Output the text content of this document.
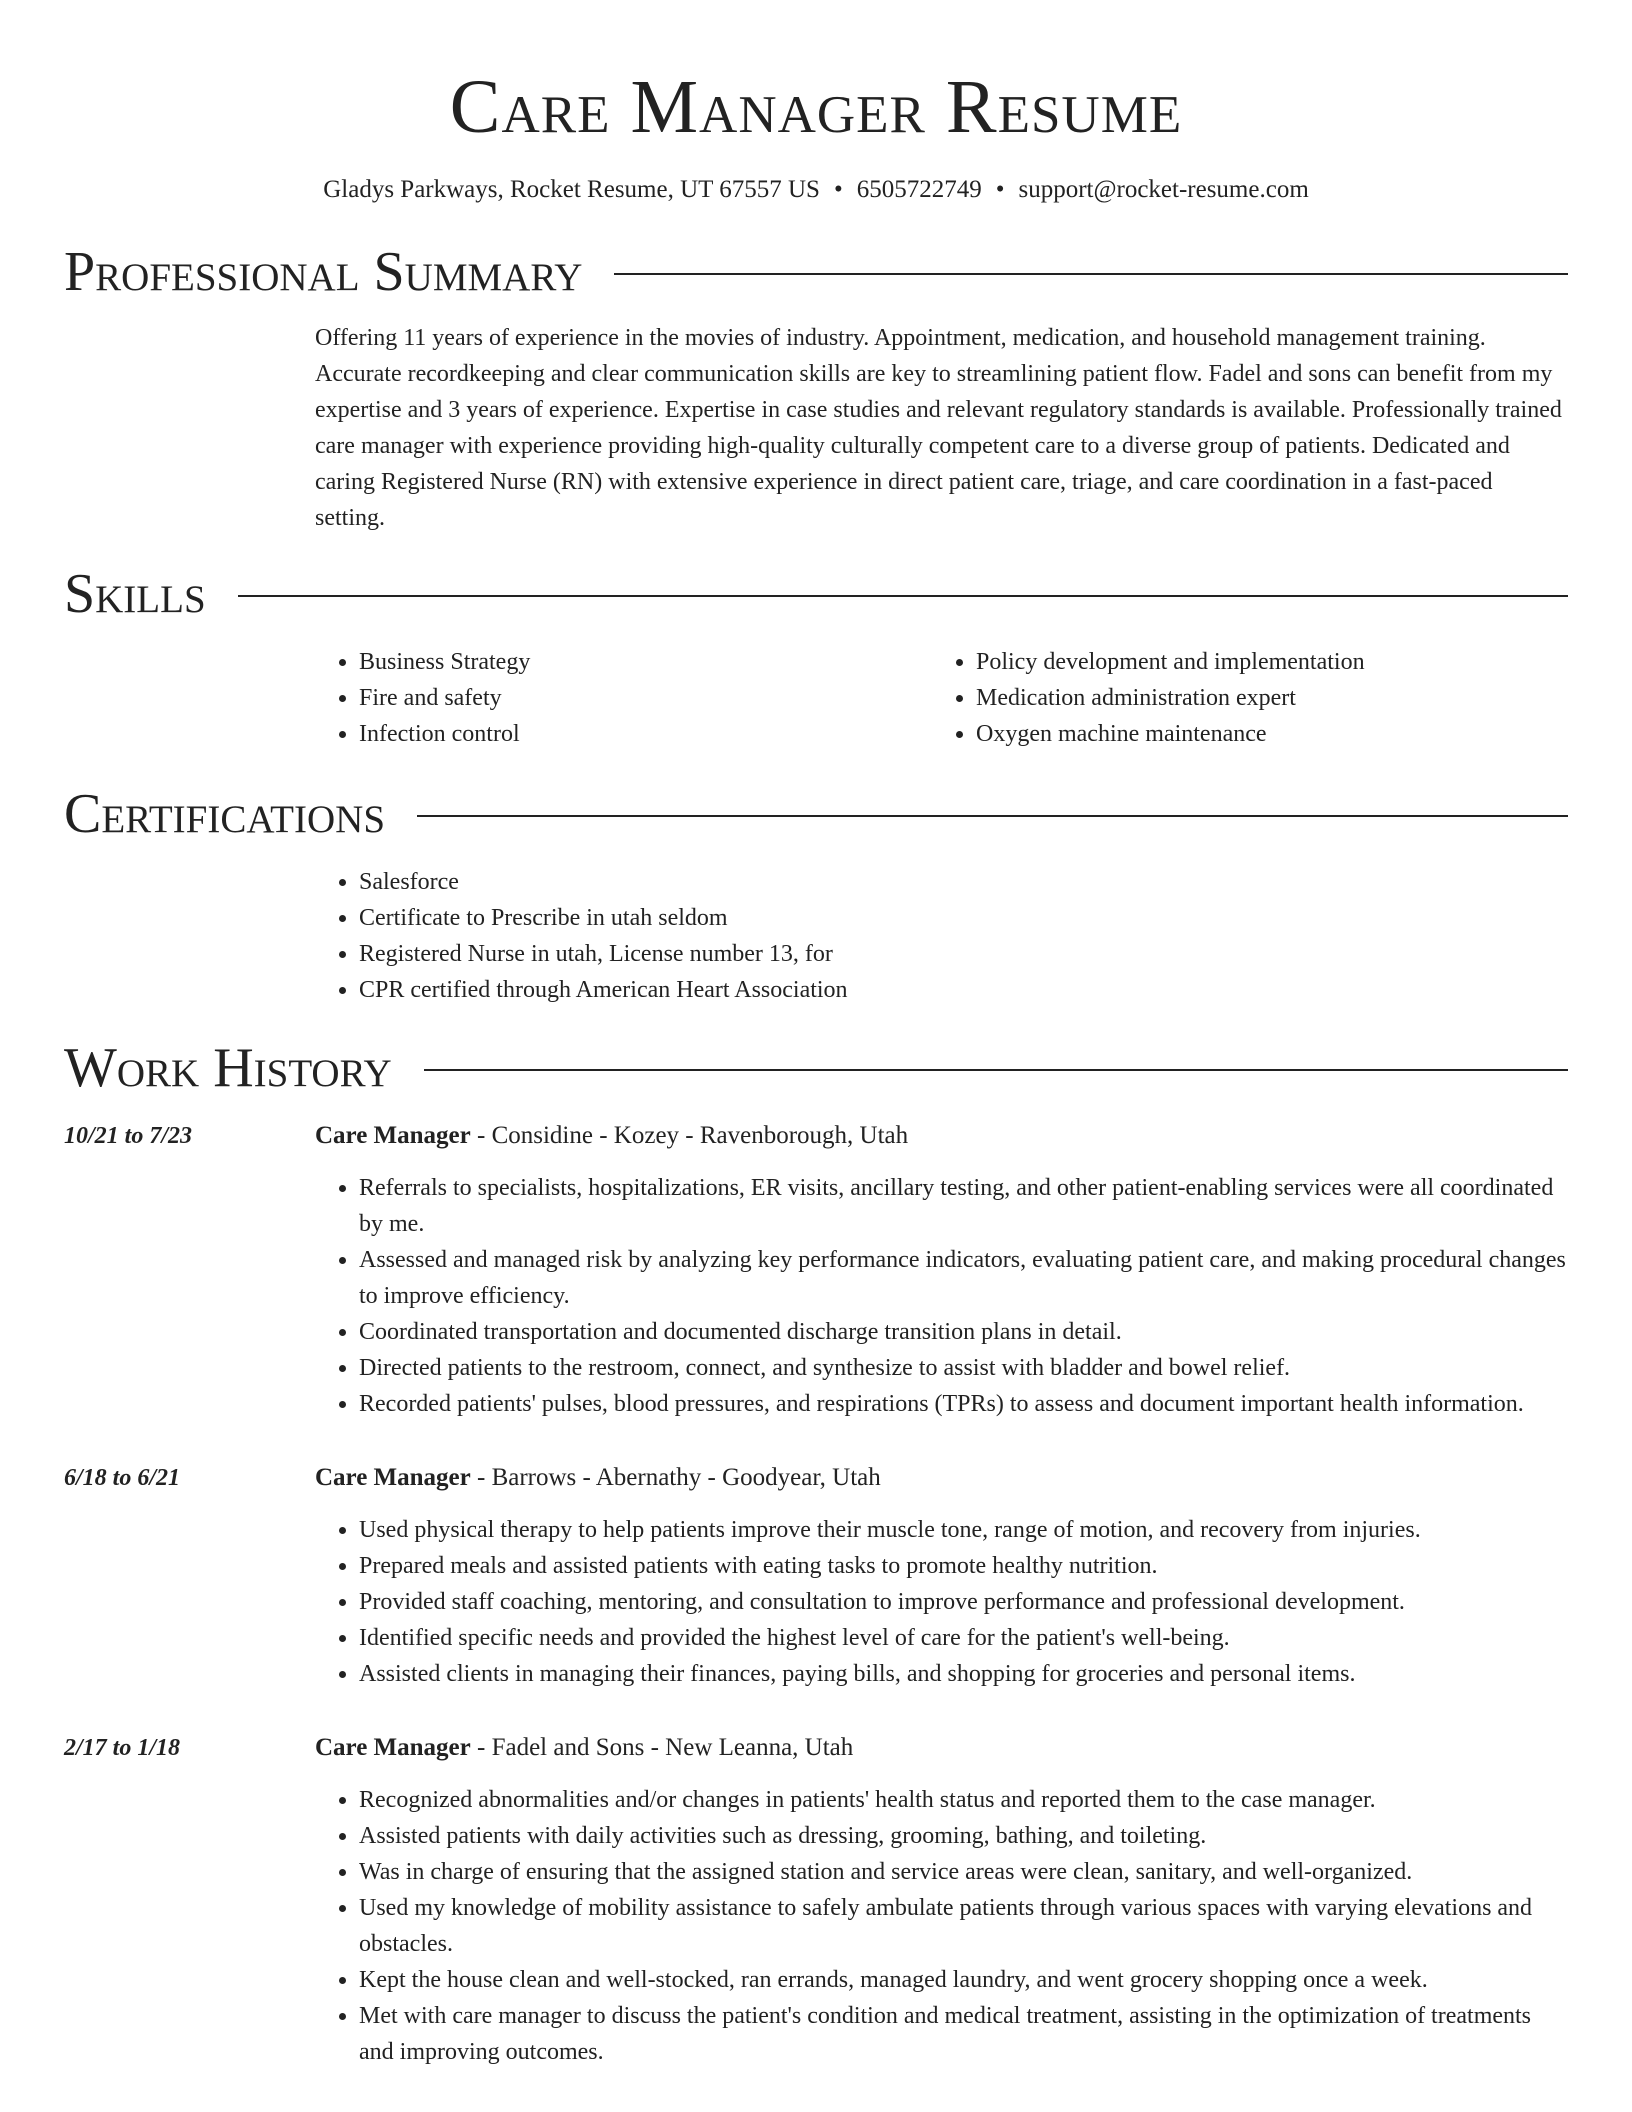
Care Manager Resume
Gladys Parkways, Rocket Resume, UT 67557 US • 6505722749 • support@rocket-resume.com
Professional Summary

Offering 11 years of experience in the movies of industry. Appointment, medication, and household management training. Accurate recordkeeping and clear communication skills are key to streamlining patient flow. Fadel and sons can benefit from my expertise and 3 years of experience. Expertise in case studies and relevant regulatory standards is available. Professionally trained care manager with experience providing high-quality culturally competent care to a diverse group of patients. Dedicated and caring Registered Nurse (RN) with extensive experience in direct patient care, triage, and care coordination in a fast-paced setting.

Skills
• Business Strategy
• Fire and safety
• Infection control
• Policy development and implementation
• Medication administration expert
• Oxygen machine maintenance
Certifications
• Salesforce
• Certificate to Prescribe in utah seldom
• Registered Nurse in utah, License number 13, for
• CPR certified through American Heart Association
Work History
10/21 to 7/23	Care Manager - Considine - Kozey - Ravenborough, Utah
• Referrals to specialists, hospitalizations, ER visits, ancillary testing, and other patient-enabling services were all coordinated by me.
• Assessed and managed risk by analyzing key performance indicators, evaluating patient care, and making procedural changes to improve efficiency.
• Coordinated transportation and documented discharge transition plans in detail.
• Directed patients to the restroom, connect, and synthesize to assist with bladder and bowel relief.
• Recorded patients' pulses, blood pressures, and respirations (TPRs) to assess and document important health information.
6/18 to 6/21	Care Manager - Barrows - Abernathy - Goodyear, Utah
• Used physical therapy to help patients improve their muscle tone, range of motion, and recovery from injuries.
• Prepared meals and assisted patients with eating tasks to promote healthy nutrition.
• Provided staff coaching, mentoring, and consultation to improve performance and professional development.
• Identified specific needs and provided the highest level of care for the patient's well-being.
• Assisted clients in managing their finances, paying bills, and shopping for groceries and personal items.
2/17 to 1/18	Care Manager - Fadel and Sons - New Leanna, Utah
• Recognized abnormalities and/or changes in patients' health status and reported them to the case manager.
• Assisted patients with daily activities such as dressing, grooming, bathing, and toileting.
• Was in charge of ensuring that the assigned station and service areas were clean, sanitary, and well-organized.
• Used my knowledge of mobility assistance to safely ambulate patients through various spaces with varying elevations and obstacles.
• Kept the house clean and well-stocked, ran errands, managed laundry, and went grocery shopping once a week.
• Met with care manager to discuss the patient's condition and medical treatment, assisting in the optimization of treatments and improving outcomes.
